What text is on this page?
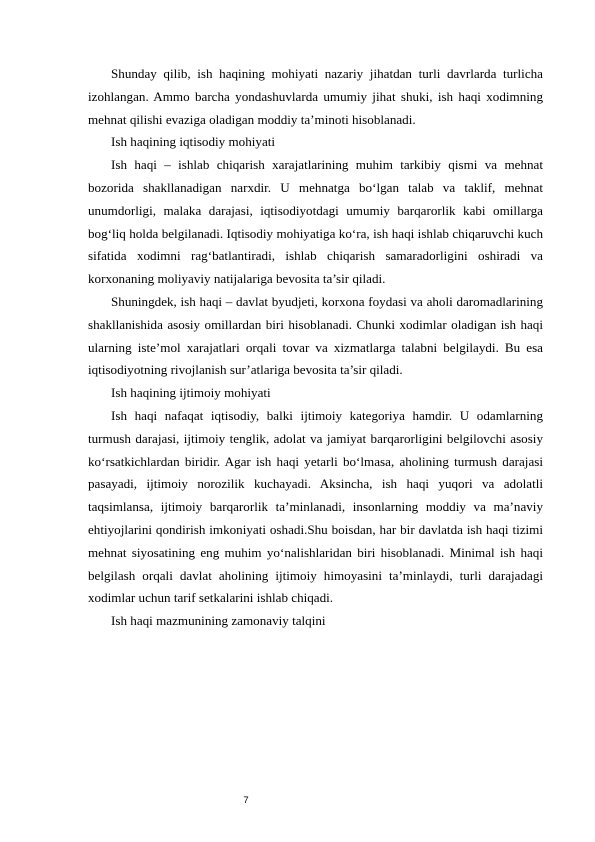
Shunday qilib, ish haqining mohiyati nazariy jihatdan turli davrlarda turlicha izohlangan. Ammo barcha yondashuvlarda umumiy jihat shuki, ish haqi xodimning mehnat qilishi evaziga oladigan moddiy ta’minoti hisoblanadi.

Ish haqining iqtisodiy mohiyati

Ish haqi – ishlab chiqarish xarajatlarining muhim tarkibiy qismi va mehnat bozorida shakllanadigan narxdir. U mehnatga bo‘lgan talab va taklif, mehnat unumdorligi, malaka darajasi, iqtisodiyotdagi umumiy barqarorlik kabi omillarga bog‘liq holda belgilanadi. Iqtisodiy mohiyatiga ko‘ra, ish haqi ishlab chiqaruvchi kuch sifatida xodimni rag‘batlantiradi, ishlab chiqarish samaradorligini oshiradi va korxonaning moliyaviy natijalariga bevosita ta’sir qiladi.

Shuningdek, ish haqi – davlat byudjeti, korxona foydasi va aholi daromadlarining shakllanishida asosiy omillardan biri hisoblanadi. Chunki xodimlar oladigan ish haqi ularning iste’mol xarajatlari orqali tovar va xizmatlarga talabni belgilaydi. Bu esa iqtisodiyotning rivojlanish sur’atlariga bevosita ta’sir qiladi.

Ish haqining ijtimoiy mohiyati

Ish haqi nafaqat iqtisodiy, balki ijtimoiy kategoriya hamdir. U odamlarning turmush darajasi, ijtimoiy tenglik, adolat va jamiyat barqarorligini belgilovchi asosiy ko‘rsatkichlardan biridir. Agar ish haqi yetarli bo‘lmasa, aholining turmush darajasi pasayadi, ijtimoiy norozilik kuchayadi. Aksincha, ish haqi yuqori va adolatli taqsimlansa, ijtimoiy barqarorlik ta’minlanadi, insonlarning moddiy va ma’naviy ehtiyojlarini qondirish imkoniyati oshadi.Shu boisdan, har bir davlatda ish haqi tizimi mehnat siyosatining eng muhim yo‘nalishlaridan biri hisoblanadi. Minimal ish haqi belgilash orqali davlat aholining ijtimoiy himoyasini ta’minlaydi, turli darajadagi xodimlar uchun tarif setkalarini ishlab chiqadi.

Ish haqi mazmunining zamonaviy talqini

7
